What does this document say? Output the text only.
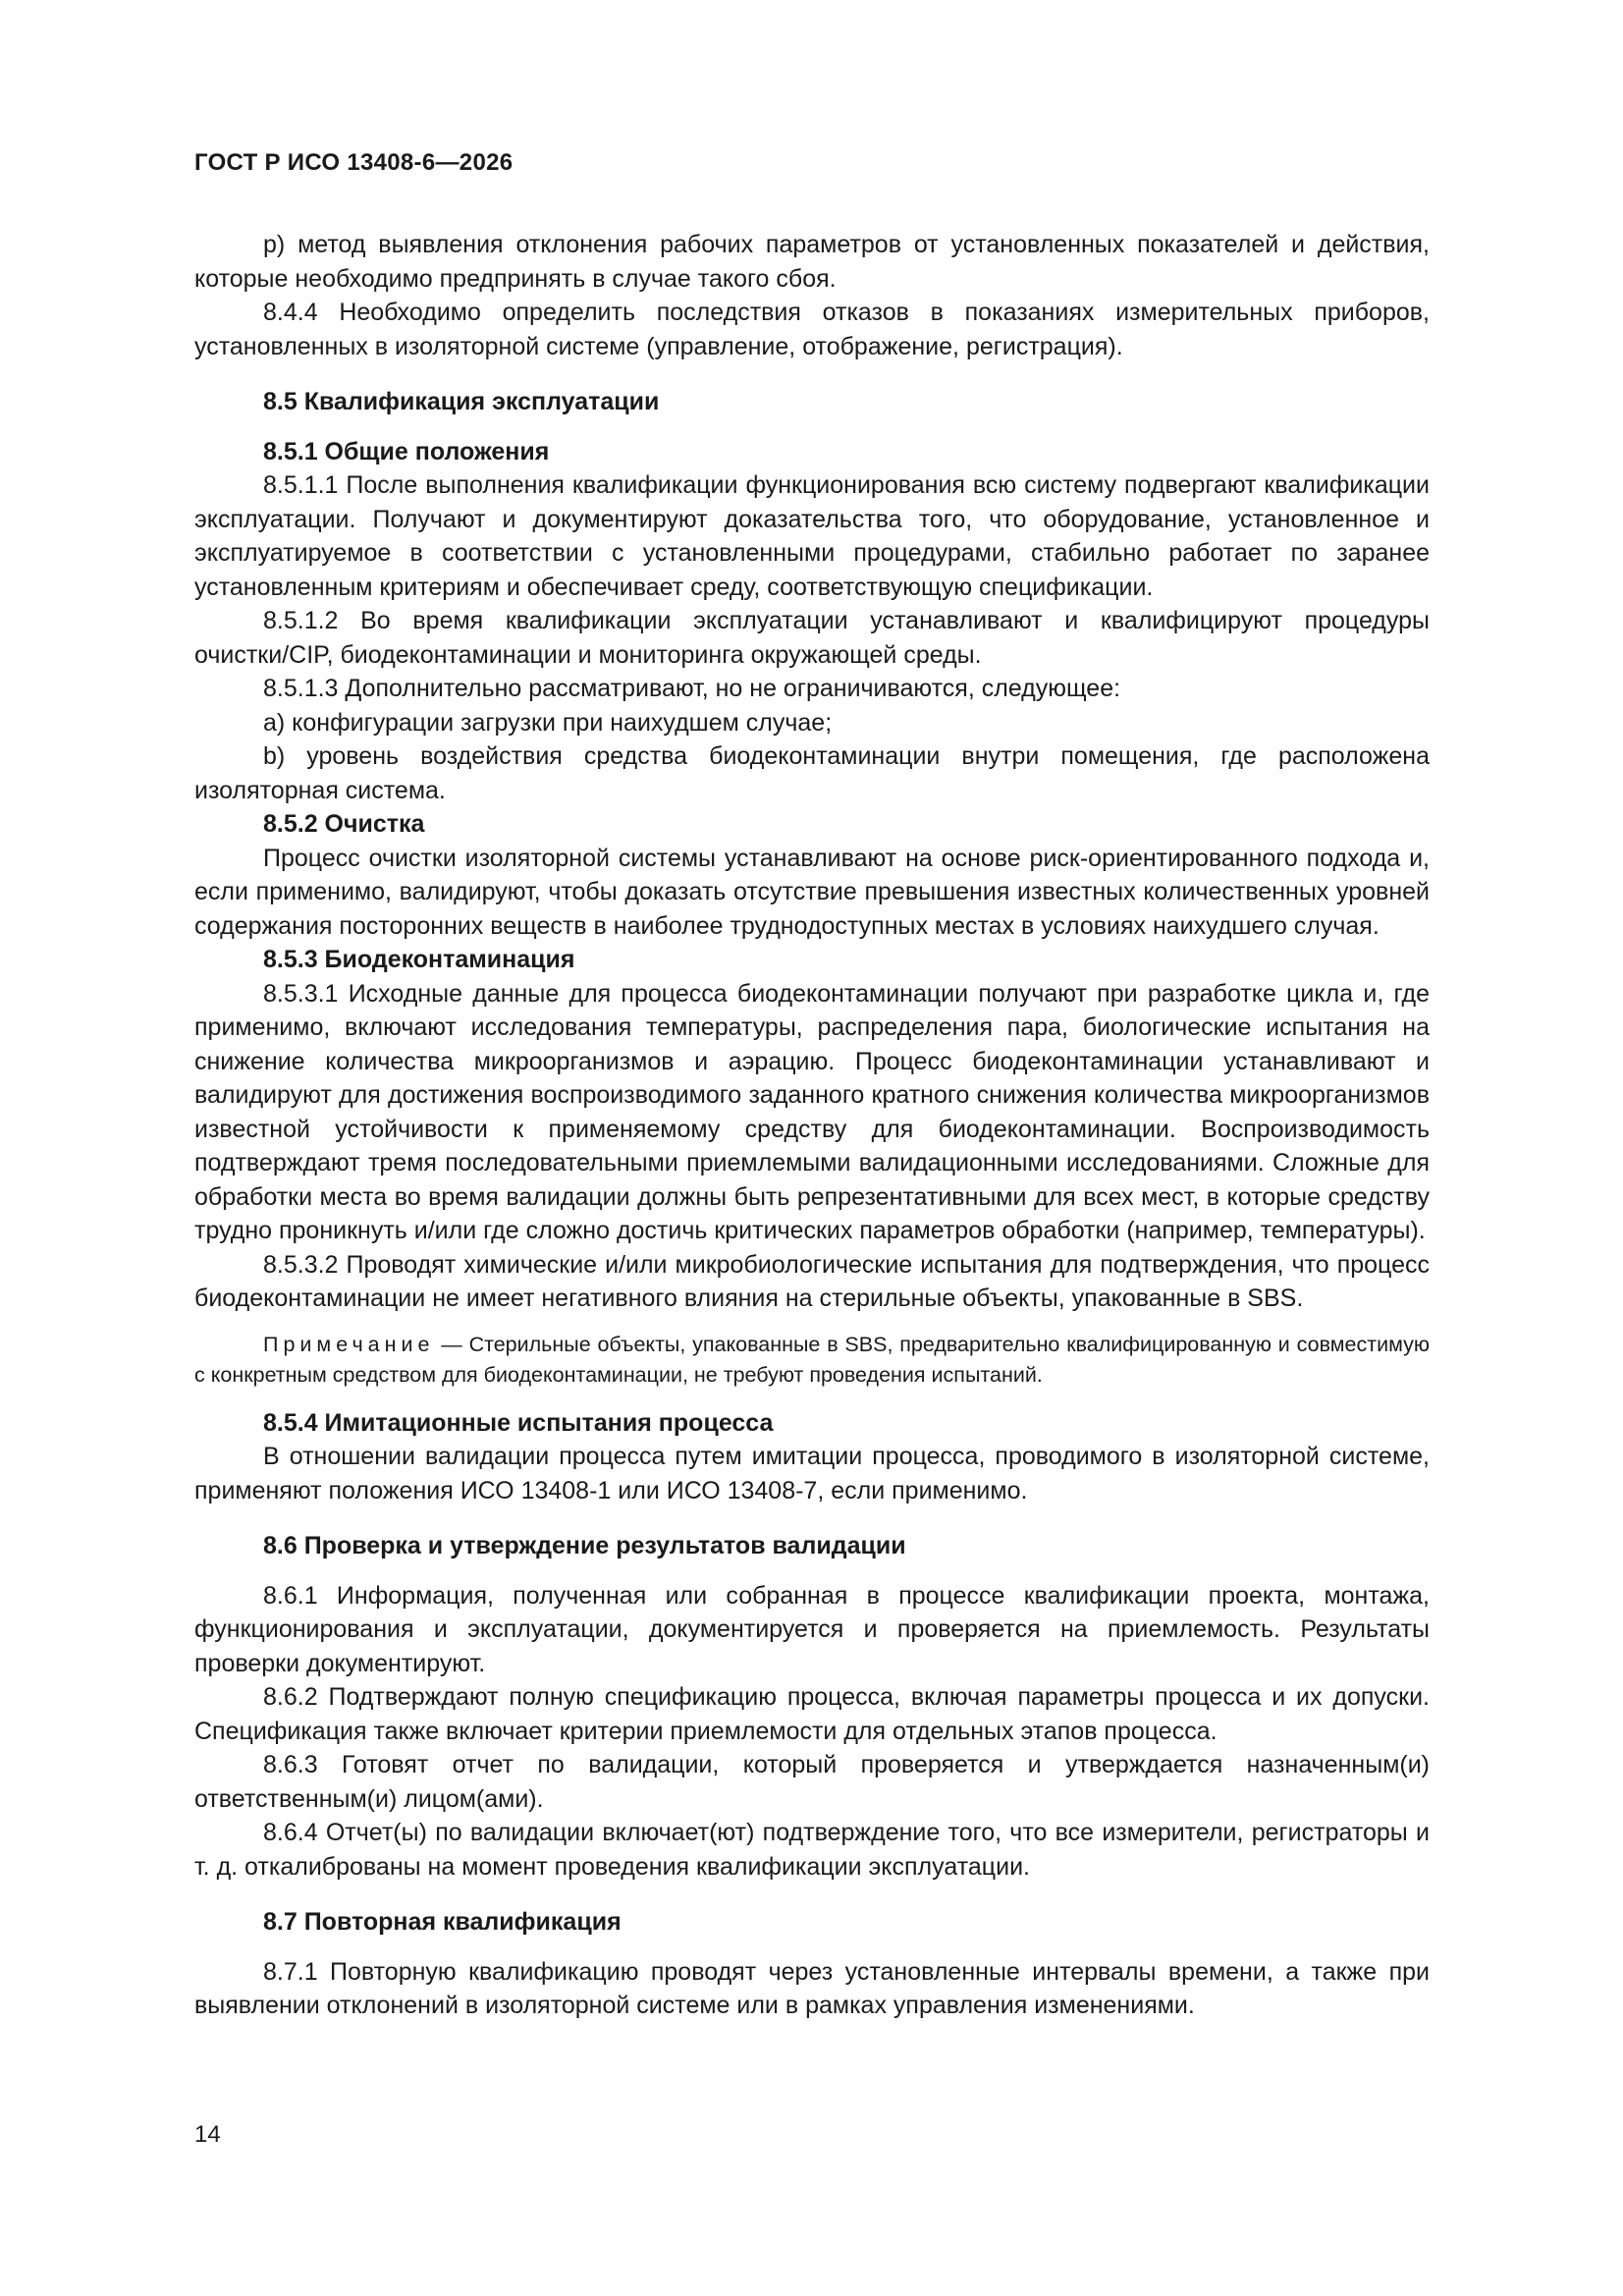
ГОСТ Р ИСО 13408-6—2026

р) метод выявления отклонения рабочих параметров от установленных показателей и действия, которые необходимо предпринять в случае такого сбоя.

8.4.4 Необходимо определить последствия отказов в показаниях измерительных приборов, установленных в изоляторной системе (управление, отображение, регистрация).

8.5 Квалификация эксплуатации

8.5.1 Общие положения

8.5.1.1 После выполнения квалификации функционирования всю систему подвергают квалификации эксплуатации. Получают и документируют доказательства того, что оборудование, установленное и эксплуатируемое в соответствии с установленными процедурами, стабильно работает по заранее установленным критериям и обеспечивает среду, соответствующую спецификации.

8.5.1.2 Во время квалификации эксплуатации устанавливают и квалифицируют процедуры очистки/CIP, биодеконтаминации и мониторинга окружающей среды.

8.5.1.3 Дополнительно рассматривают, но не ограничиваются, следующее:

a) конфигурации загрузки при наихудшем случае;

b) уровень воздействия средства биодеконтаминации внутри помещения, где расположена изоляторная система.

8.5.2 Очистка

Процесс очистки изоляторной системы устанавливают на основе риск-ориентированного подхода и, если применимо, валидируют, чтобы доказать отсутствие превышения известных количественных уровней содержания посторонних веществ в наиболее труднодоступных местах в условиях наихудшего случая.

8.5.3 Биодеконтаминация

8.5.3.1 Исходные данные для процесса биодеконтаминации получают при разработке цикла и, где применимо, включают исследования температуры, распределения пара, биологические испытания на снижение количества микроорганизмов и аэрацию. Процесс биодеконтаминации устанавливают и валидируют для достижения воспроизводимого заданного кратного снижения количества микроорганизмов известной устойчивости к применяемому средству для биодеконтаминации. Воспроизводимость подтверждают тремя последовательными приемлемыми валидационными исследованиями. Сложные для обработки места во время валидации должны быть репрезентативными для всех мест, в которые средству трудно проникнуть и/или где сложно достичь критических параметров обработки (например, температуры).

8.5.3.2 Проводят химические и/или микробиологические испытания для подтверждения, что процесс биодеконтаминации не имеет негативного влияния на стерильные объекты, упакованные в SBS.

Примечание — Стерильные объекты, упакованные в SBS, предварительно квалифицированную и совместимую с конкретным средством для биодеконтаминации, не требуют проведения испытаний.

8.5.4 Имитационные испытания процесса

В отношении валидации процесса путем имитации процесса, проводимого в изоляторной системе, применяют положения ИСО 13408-1 или ИСО 13408-7, если применимо.

8.6 Проверка и утверждение результатов валидации

8.6.1 Информация, полученная или собранная в процессе квалификации проекта, монтажа, функционирования и эксплуатации, документируется и проверяется на приемлемость. Результаты проверки документируют.

8.6.2 Подтверждают полную спецификацию процесса, включая параметры процесса и их допуски. Спецификация также включает критерии приемлемости для отдельных этапов процесса.

8.6.3 Готовят отчет по валидации, который проверяется и утверждается назначенным(и) ответственным(и) лицом(ами).

8.6.4 Отчет(ы) по валидации включает(ют) подтверждение того, что все измерители, регистраторы и т. д. откалиброваны на момент проведения квалификации эксплуатации.

8.7 Повторная квалификация

8.7.1 Повторную квалификацию проводят через установленные интервалы времени, а также при выявлении отклонений в изоляторной системе или в рамках управления изменениями.

14
